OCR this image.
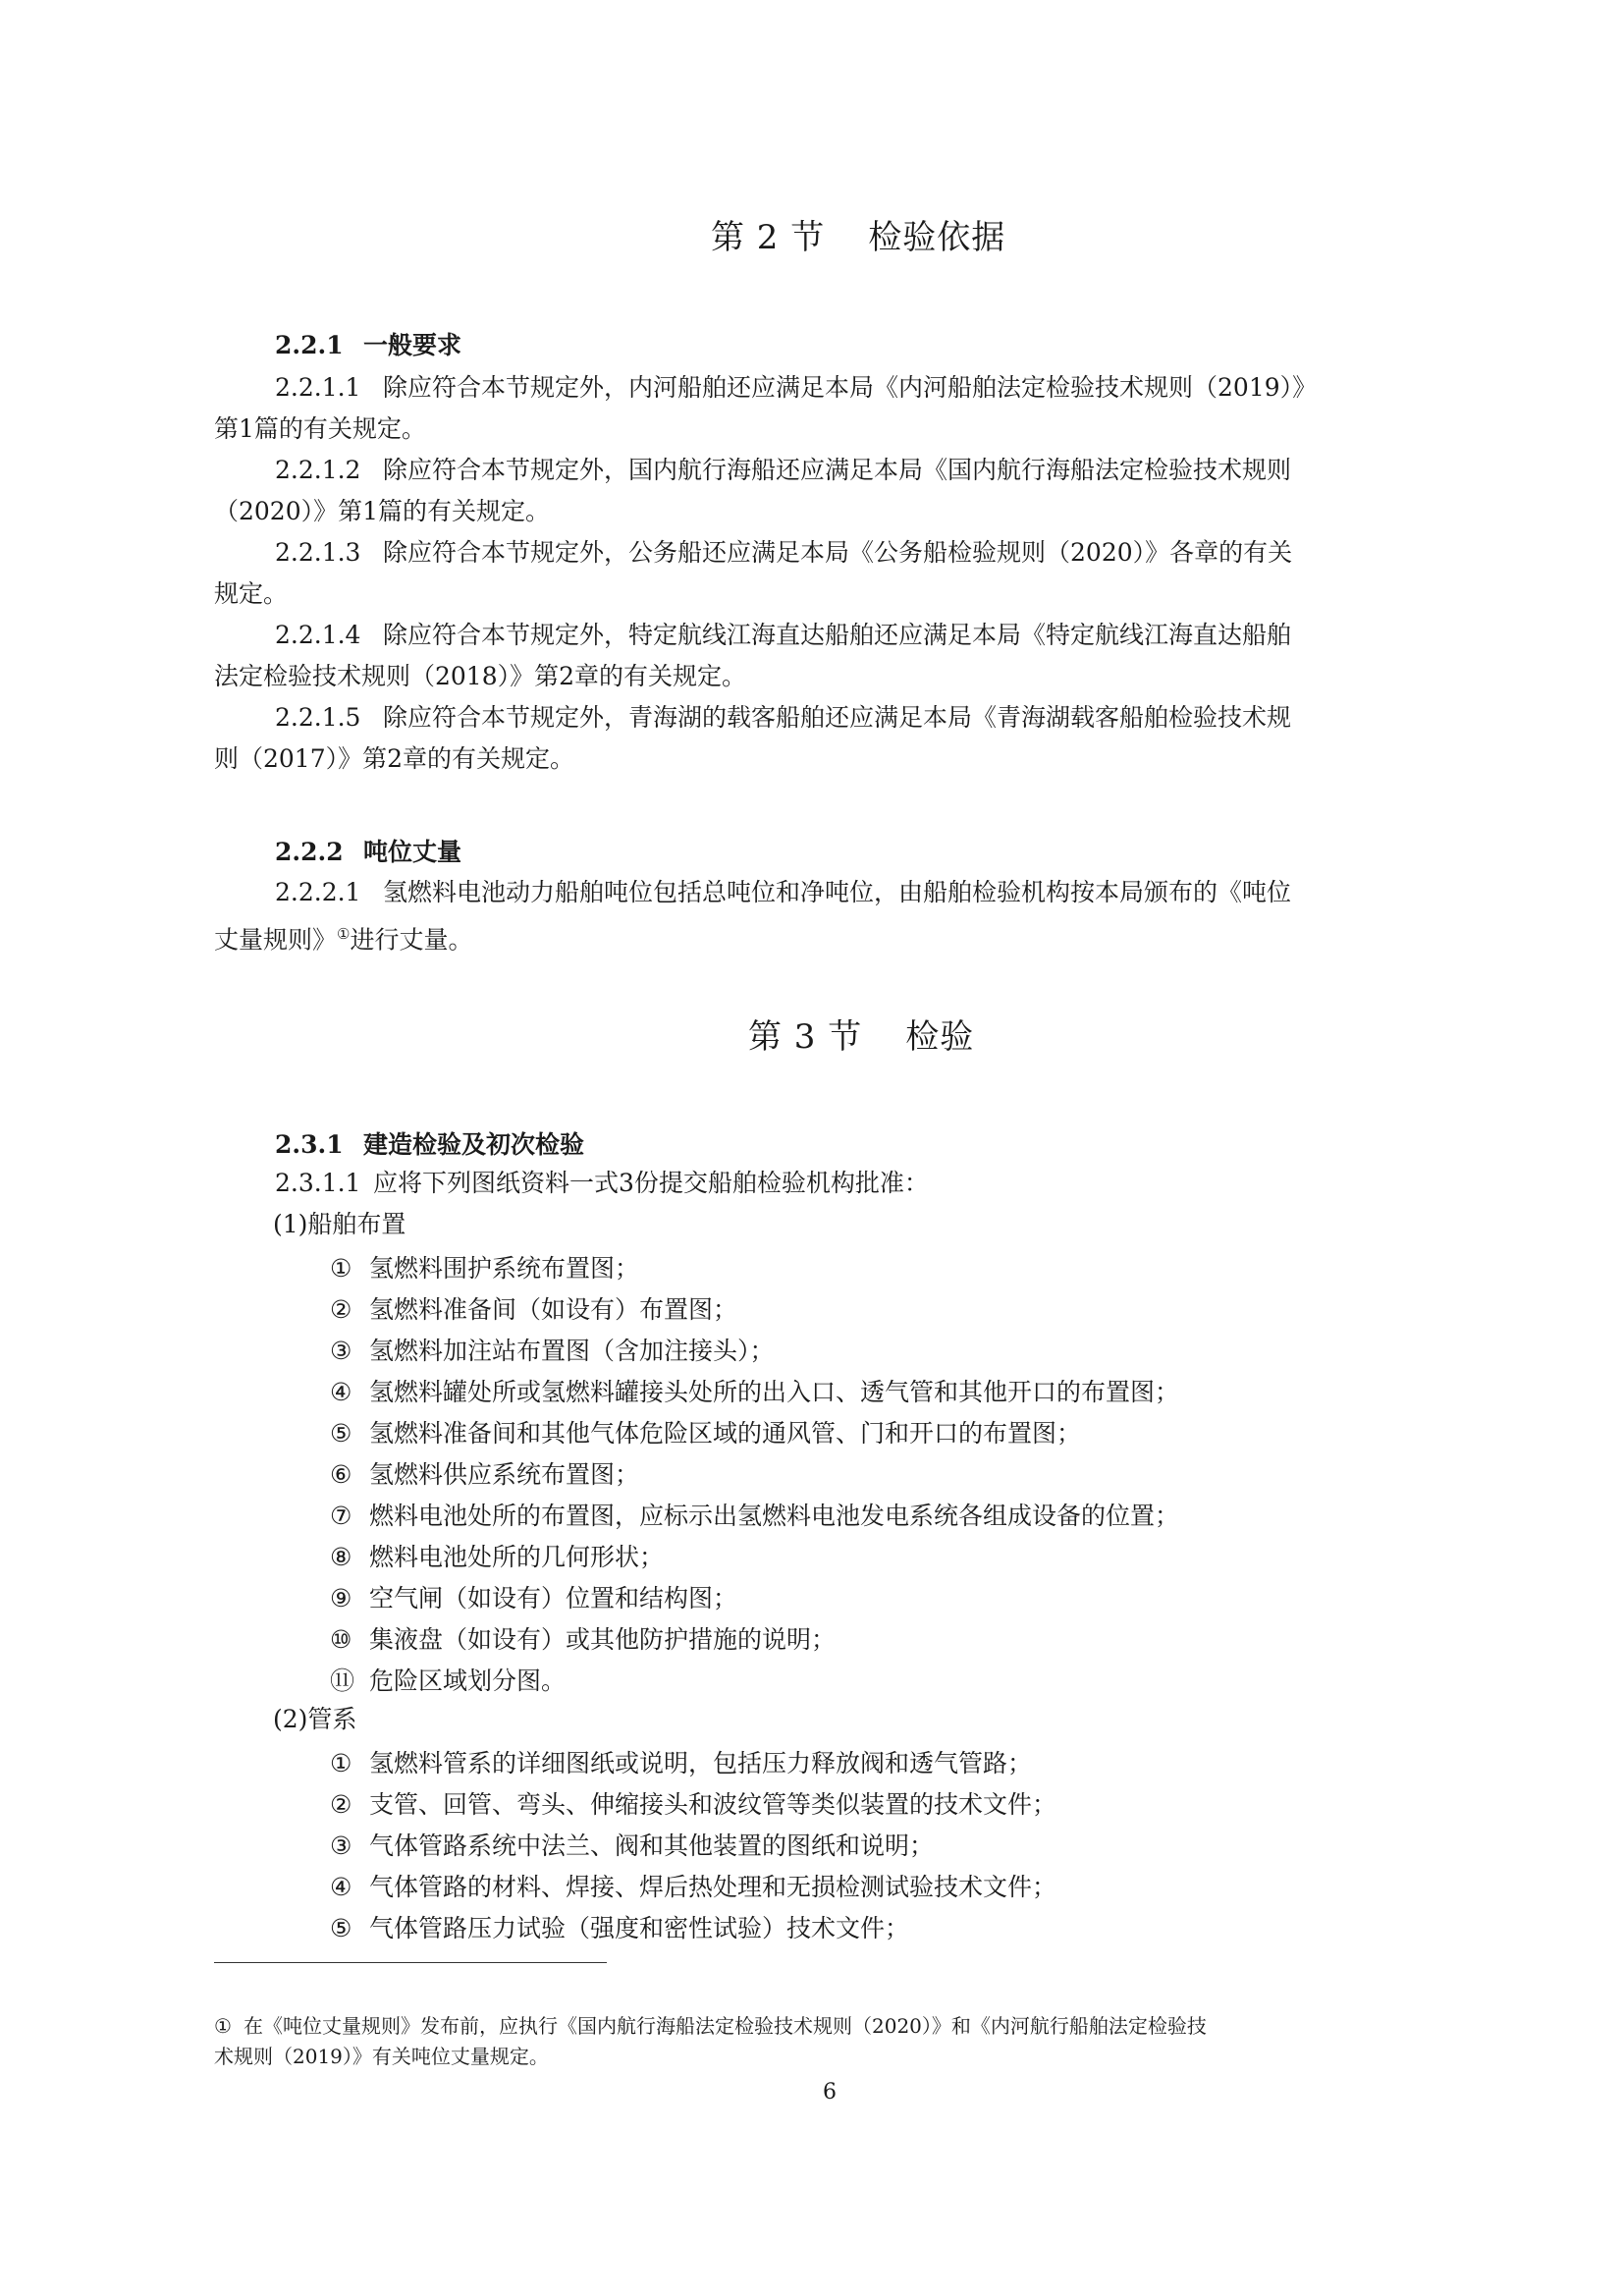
第 2 节 检验依据
2.2.1 一般要求
2.2.1.1 除应符合本节规定外，内河船舶还应满足本局《内河船舶法定检验技术规则（2019）》
第1篇的有关规定。
2.2.1.2 除应符合本节规定外，国内航行海船还应满足本局《国内航行海船法定检验技术规则
（2020）》第1篇的有关规定。
2.2.1.3 除应符合本节规定外，公务船还应满足本局《公务船检验规则（2020）》各章的有关
规定。
2.2.1.4 除应符合本节规定外，特定航线江海直达船舶还应满足本局《特定航线江海直达船舶
法定检验技术规则（2018）》第2章的有关规定。
2.2.1.5 除应符合本节规定外，青海湖的载客船舶还应满足本局《青海湖载客船舶检验技术规
则（2017）》第2章的有关规定。
2.2.2 吨位丈量
2.2.2.1 氢燃料电池动力船舶吨位包括总吨位和净吨位，由船舶检验机构按本局颁布的《吨位
丈量规则》①进行丈量。
第 3 节 检验
2.3.1 建造检验及初次检验
2.3.1.1 应将下列图纸资料一式3份提交船舶检验机构批准：
(1)船舶布置
① 氢燃料围护系统布置图；
② 氢燃料准备间（如设有）布置图；
③ 氢燃料加注站布置图（含加注接头）；
④ 氢燃料罐处所或氢燃料罐接头处所的出入口、透气管和其他开口的布置图；
⑤ 氢燃料准备间和其他气体危险区域的通风管、门和开口的布置图；
⑥ 氢燃料供应系统布置图；
⑦ 燃料电池处所的布置图，应标示出氢燃料电池发电系统各组成设备的位置；
⑧ 燃料电池处所的几何形状；
⑨ 空气闸（如设有）位置和结构图；
⑩ 集液盘（如设有）或其他防护措施的说明；
⑪ 危险区域划分图。
(2)管系
① 氢燃料管系的详细图纸或说明，包括压力释放阀和透气管路；
② 支管、回管、弯头、伸缩接头和波纹管等类似装置的技术文件；
③ 气体管路系统中法兰、阀和其他装置的图纸和说明；
④ 气体管路的材料、焊接、焊后热处理和无损检测试验技术文件；
⑤ 气体管路压力试验（强度和密性试验）技术文件；
① 在《吨位丈量规则》发布前，应执行《国内航行海船法定检验技术规则（2020）》和《内河航行船舶法定检验技
术规则（2019）》有关吨位丈量规定。
6
